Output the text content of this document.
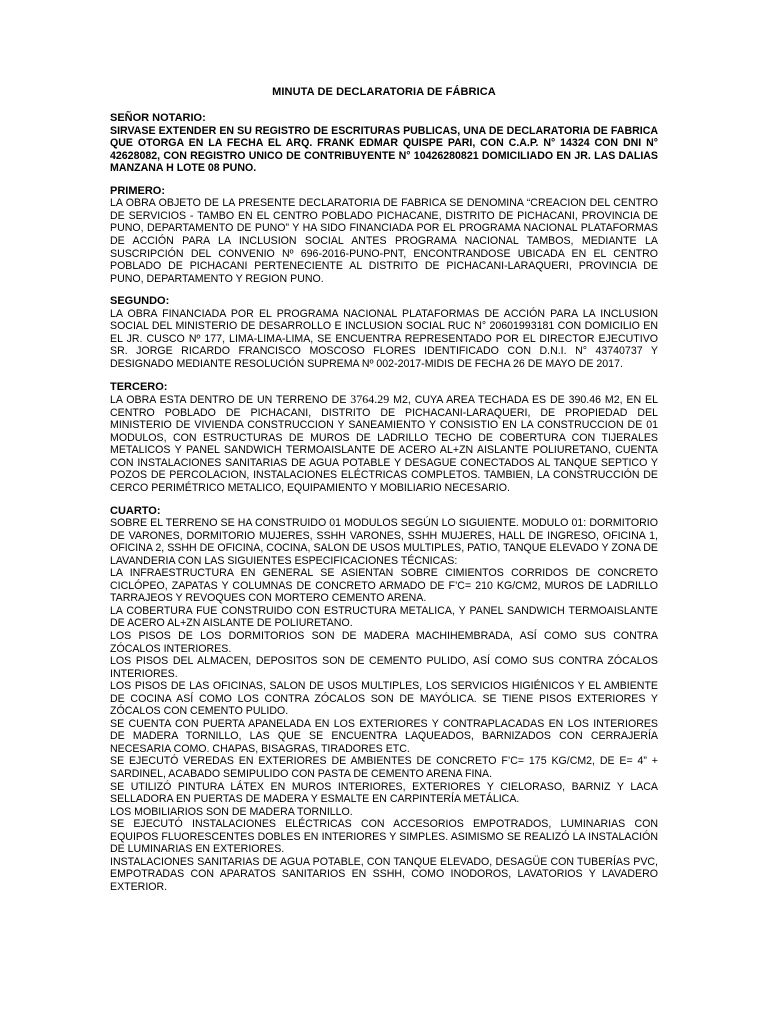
MINUTA DE DECLARATORIA DE FÁBRICA
SEÑOR NOTARIO:

SIRVASE EXTENDER EN SU REGISTRO DE ESCRITURAS PUBLICAS, UNA DE DECLARATORIA DE FABRICA QUE OTORGA EN LA FECHA EL ARQ. FRANK EDMAR QUISPE PARI, CON C.A.P. N° 14324 CON DNI N° 42628082, CON REGISTRO UNICO DE CONTRIBUYENTE N° 10426280821 DOMICILIADO EN JR. LAS DALIAS MANZANA H LOTE 08 PUNO.

PRIMERO:

LA OBRA OBJETO DE LA PRESENTE DECLARATORIA DE FABRICA SE DENOMINA “CREACION DEL CENTRO DE SERVICIOS - TAMBO EN EL CENTRO POBLADO PICHACANE, DISTRITO DE PICHACANI, PROVINCIA DE PUNO, DEPARTAMENTO DE PUNO” Y HA SIDO FINANCIADA POR EL PROGRAMA NACIONAL PLATAFORMAS DE ACCIÓN PARA LA INCLUSION SOCIAL ANTES PROGRAMA NACIONAL TAMBOS, MEDIANTE LA SUSCRIPCIÓN DEL CONVENIO Nº 696-2016-PUNO-PNT, ENCONTRANDOSE UBICADA EN EL CENTRO POBLADO DE PICHACANI PERTENECIENTE AL DISTRITO DE PICHACANI-LARAQUERI, PROVINCIA DE PUNO, DEPARTAMENTO Y REGION PUNO.

SEGUNDO:

LA OBRA FINANCIADA POR EL PROGRAMA NACIONAL PLATAFORMAS DE ACCIÓN PARA LA INCLUSION SOCIAL DEL MINISTERIO DE DESARROLLO E INCLUSION SOCIAL RUC N° 20601993181 CON DOMICILIO EN EL JR. CUSCO Nº 177, LIMA-LIMA-LIMA, SE ENCUENTRA REPRESENTADO POR EL DIRECTOR EJECUTIVO SR. JORGE RICARDO FRANCISCO MOSCOSO FLORES IDENTIFICADO CON D.N.I. N° 43740737 Y DESIGNADO MEDIANTE RESOLUCIÓN SUPREMA Nº 002-2017-MIDIS DE FECHA 26 DE MAYO DE 2017.

TERCERO:

LA OBRA ESTA DENTRO DE UN TERRENO DE 3764.29 M2, CUYA AREA TECHADA ES DE 390.46 M2, EN EL CENTRO POBLADO DE PICHACANI, DISTRITO DE PICHACANI-LARAQUERI, DE PROPIEDAD DEL MINISTERIO DE VIVIENDA CONSTRUCCION Y SANEAMIENTO Y CONSISTIO EN LA CONSTRUCCION DE 01 MODULOS, CON ESTRUCTURAS DE MUROS DE LADRILLO TECHO DE COBERTURA CON TIJERALES METALICOS Y PANEL SANDWICH TERMOAISLANTE DE ACERO AL+ZN AISLANTE POLIURETANO, CUENTA CON INSTALACIONES SANITARIAS DE AGUA POTABLE Y DESAGUE CONECTADOS AL TANQUE SEPTICO Y POZOS DE PERCOLACION, INSTALACIONES ELÉCTRICAS COMPLETOS. TAMBIEN, LA CONSTRUCCIÓN DE CERCO PERIMÉTRICO METALICO, EQUIPAMIENTO Y MOBILIARIO NECESARIO.

CUARTO:

SOBRE EL TERRENO SE HA CONSTRUIDO 01 MODULOS SEGÚN LO SIGUIENTE. MODULO 01: DORMITORIO DE VARONES, DORMITORIO MUJERES, SSHH VARONES, SSHH MUJERES, HALL DE INGRESO, OFICINA 1, OFICINA 2, SSHH DE OFICINA, COCINA, SALON DE USOS MULTIPLES, PATIO, TANQUE ELEVADO Y ZONA DE LAVANDERIA CON LAS SIGUIENTES ESPECIFICACIONES TÉCNICAS:

LA INFRAESTRUCTURA EN GENERAL SE ASIENTAN SOBRE CIMIENTOS CORRIDOS DE CONCRETO CICLÓPEO, ZAPATAS Y COLUMNAS DE CONCRETO ARMADO DE F’C= 210 KG/CM2, MUROS DE LADRILLO TARRAJEOS Y REVOQUES CON MORTERO CEMENTO ARENA.

LA COBERTURA FUE CONSTRUIDO CON ESTRUCTURA METALICA, Y PANEL SANDWICH TERMOAISLANTE DE ACERO AL+ZN AISLANTE DE POLIURETANO.

LOS PISOS DE LOS DORMITORIOS SON DE MADERA MACHIHEMBRADA, ASÍ COMO SUS CONTRA ZÓCALOS INTERIORES.

LOS PISOS DEL ALMACEN, DEPOSITOS SON DE CEMENTO PULIDO, ASÍ COMO SUS CONTRA ZÓCALOS INTERIORES.

LOS PISOS DE LAS OFICINAS, SALON DE USOS MULTIPLES, LOS SERVICIOS HIGIÉNICOS Y EL AMBIENTE DE COCINA ASÍ COMO LOS CONTRA ZÓCALOS SON DE MAYÓLICA. SE TIENE PISOS EXTERIORES Y ZÓCALOS CON CEMENTO PULIDO.

SE CUENTA CON PUERTA APANELADA EN LOS EXTERIORES Y CONTRAPLACADAS EN LOS INTERIORES DE MADERA TORNILLO, LAS QUE SE ENCUENTRA LAQUEADOS, BARNIZADOS CON CERRAJERÍA NECESARIA COMO. CHAPAS, BISAGRAS, TIRADORES ETC.

SE EJECUTÓ VEREDAS EN EXTERIORES DE AMBIENTES DE CONCRETO F’C= 175 KG/CM2, DE E= 4” + SARDINEL, ACABADO SEMIPULIDO CON PASTA DE CEMENTO ARENA FINA.

SE UTILIZÓ PINTURA LÁTEX EN MUROS INTERIORES, EXTERIORES Y CIELORASO, BARNIZ Y LACA SELLADORA EN PUERTAS DE MADERA Y ESMALTE EN CARPINTERÍA METÁLICA.

LOS MOBILIARIOS SON DE MADERA TORNILLO.

SE EJECUTÓ INSTALACIONES ELÉCTRICAS CON ACCESORIOS EMPOTRADOS, LUMINARIAS CON EQUIPOS FLUORESCENTES DOBLES EN INTERIORES Y SIMPLES. ASIMISMO SE REALIZÓ LA INSTALACIÓN DE LUMINARIAS EN EXTERIORES.

INSTALACIONES SANITARIAS DE AGUA POTABLE, CON TANQUE ELEVADO, DESAGÜE CON TUBERÍAS PVC, EMPOTRADAS CON APARATOS SANITARIOS EN SSHH, COMO INODOROS, LAVATORIOS Y LAVADERO EXTERIOR.
